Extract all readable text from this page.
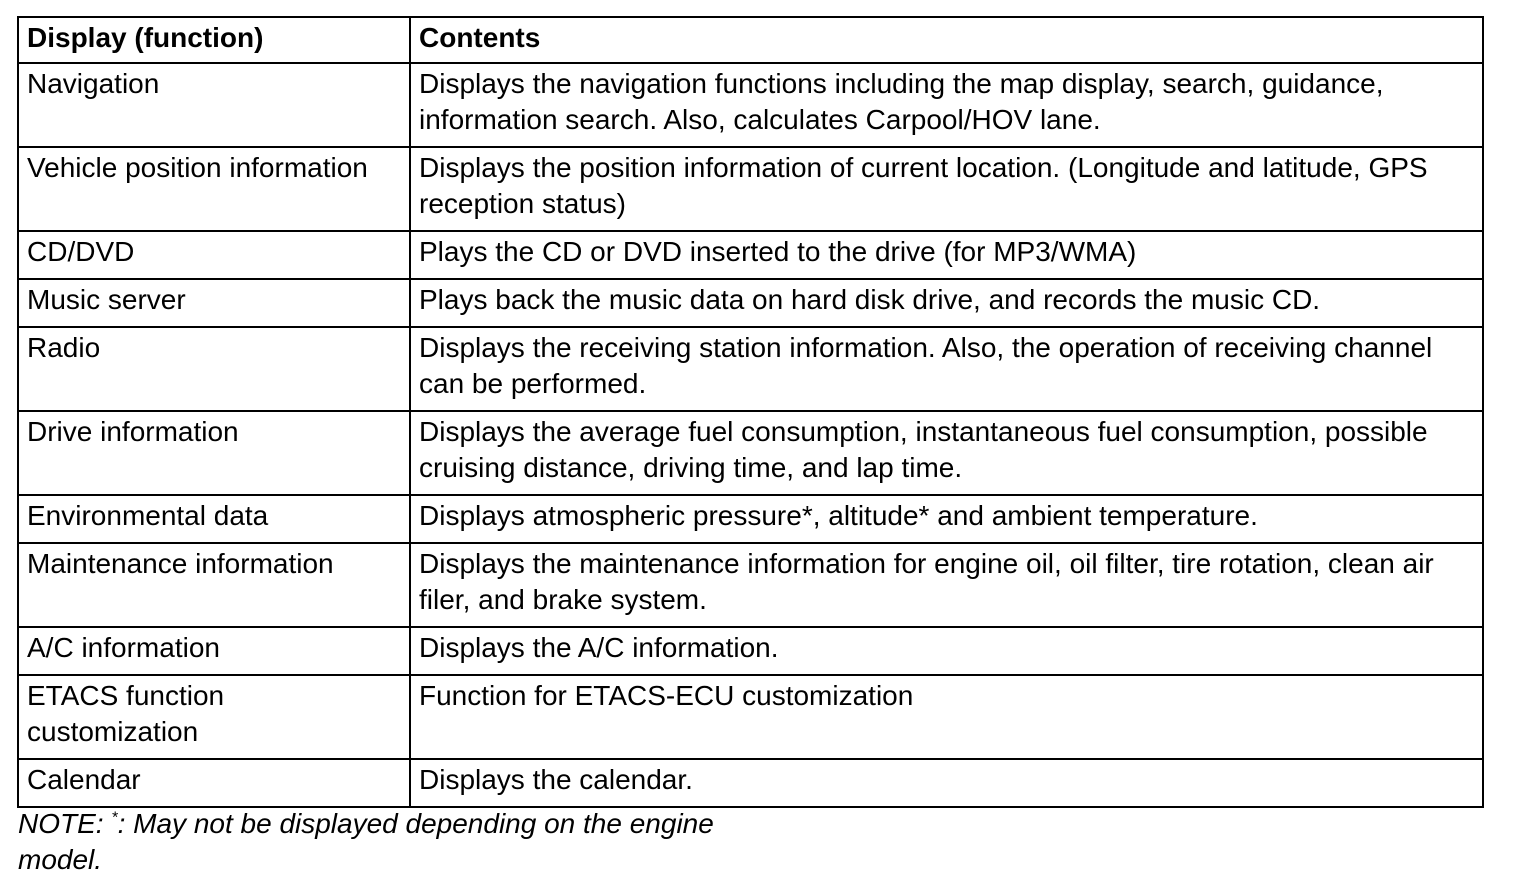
Display (function)	Contents
Navigation	Displays the navigation functions including the map display, search, guidance, information search. Also, calculates Carpool/HOV lane.
Vehicle position information	Displays the position information of current location. (Longitude and latitude, GPS reception status)
CD/DVD	Plays the CD or DVD inserted to the drive (for MP3/WMA)
Music server	Plays back the music data on hard disk drive, and records the music CD.
Radio	Displays the receiving station information. Also, the operation of receiving channel can be performed.
Drive information	Displays the average fuel consumption, instantaneous fuel consumption, possible cruising distance, driving time, and lap time.
Environmental data	Displays atmospheric pressure*, altitude* and ambient temperature.
Maintenance information	Displays the maintenance information for engine oil, oil filter, tire rotation, clean air filer, and brake system.
A/C information	Displays the A/C information.
ETACS function customization	Function for ETACS-ECU customization
Calendar	Displays the calendar.
NOTE: *: May not be displayed depending on the engine model.
